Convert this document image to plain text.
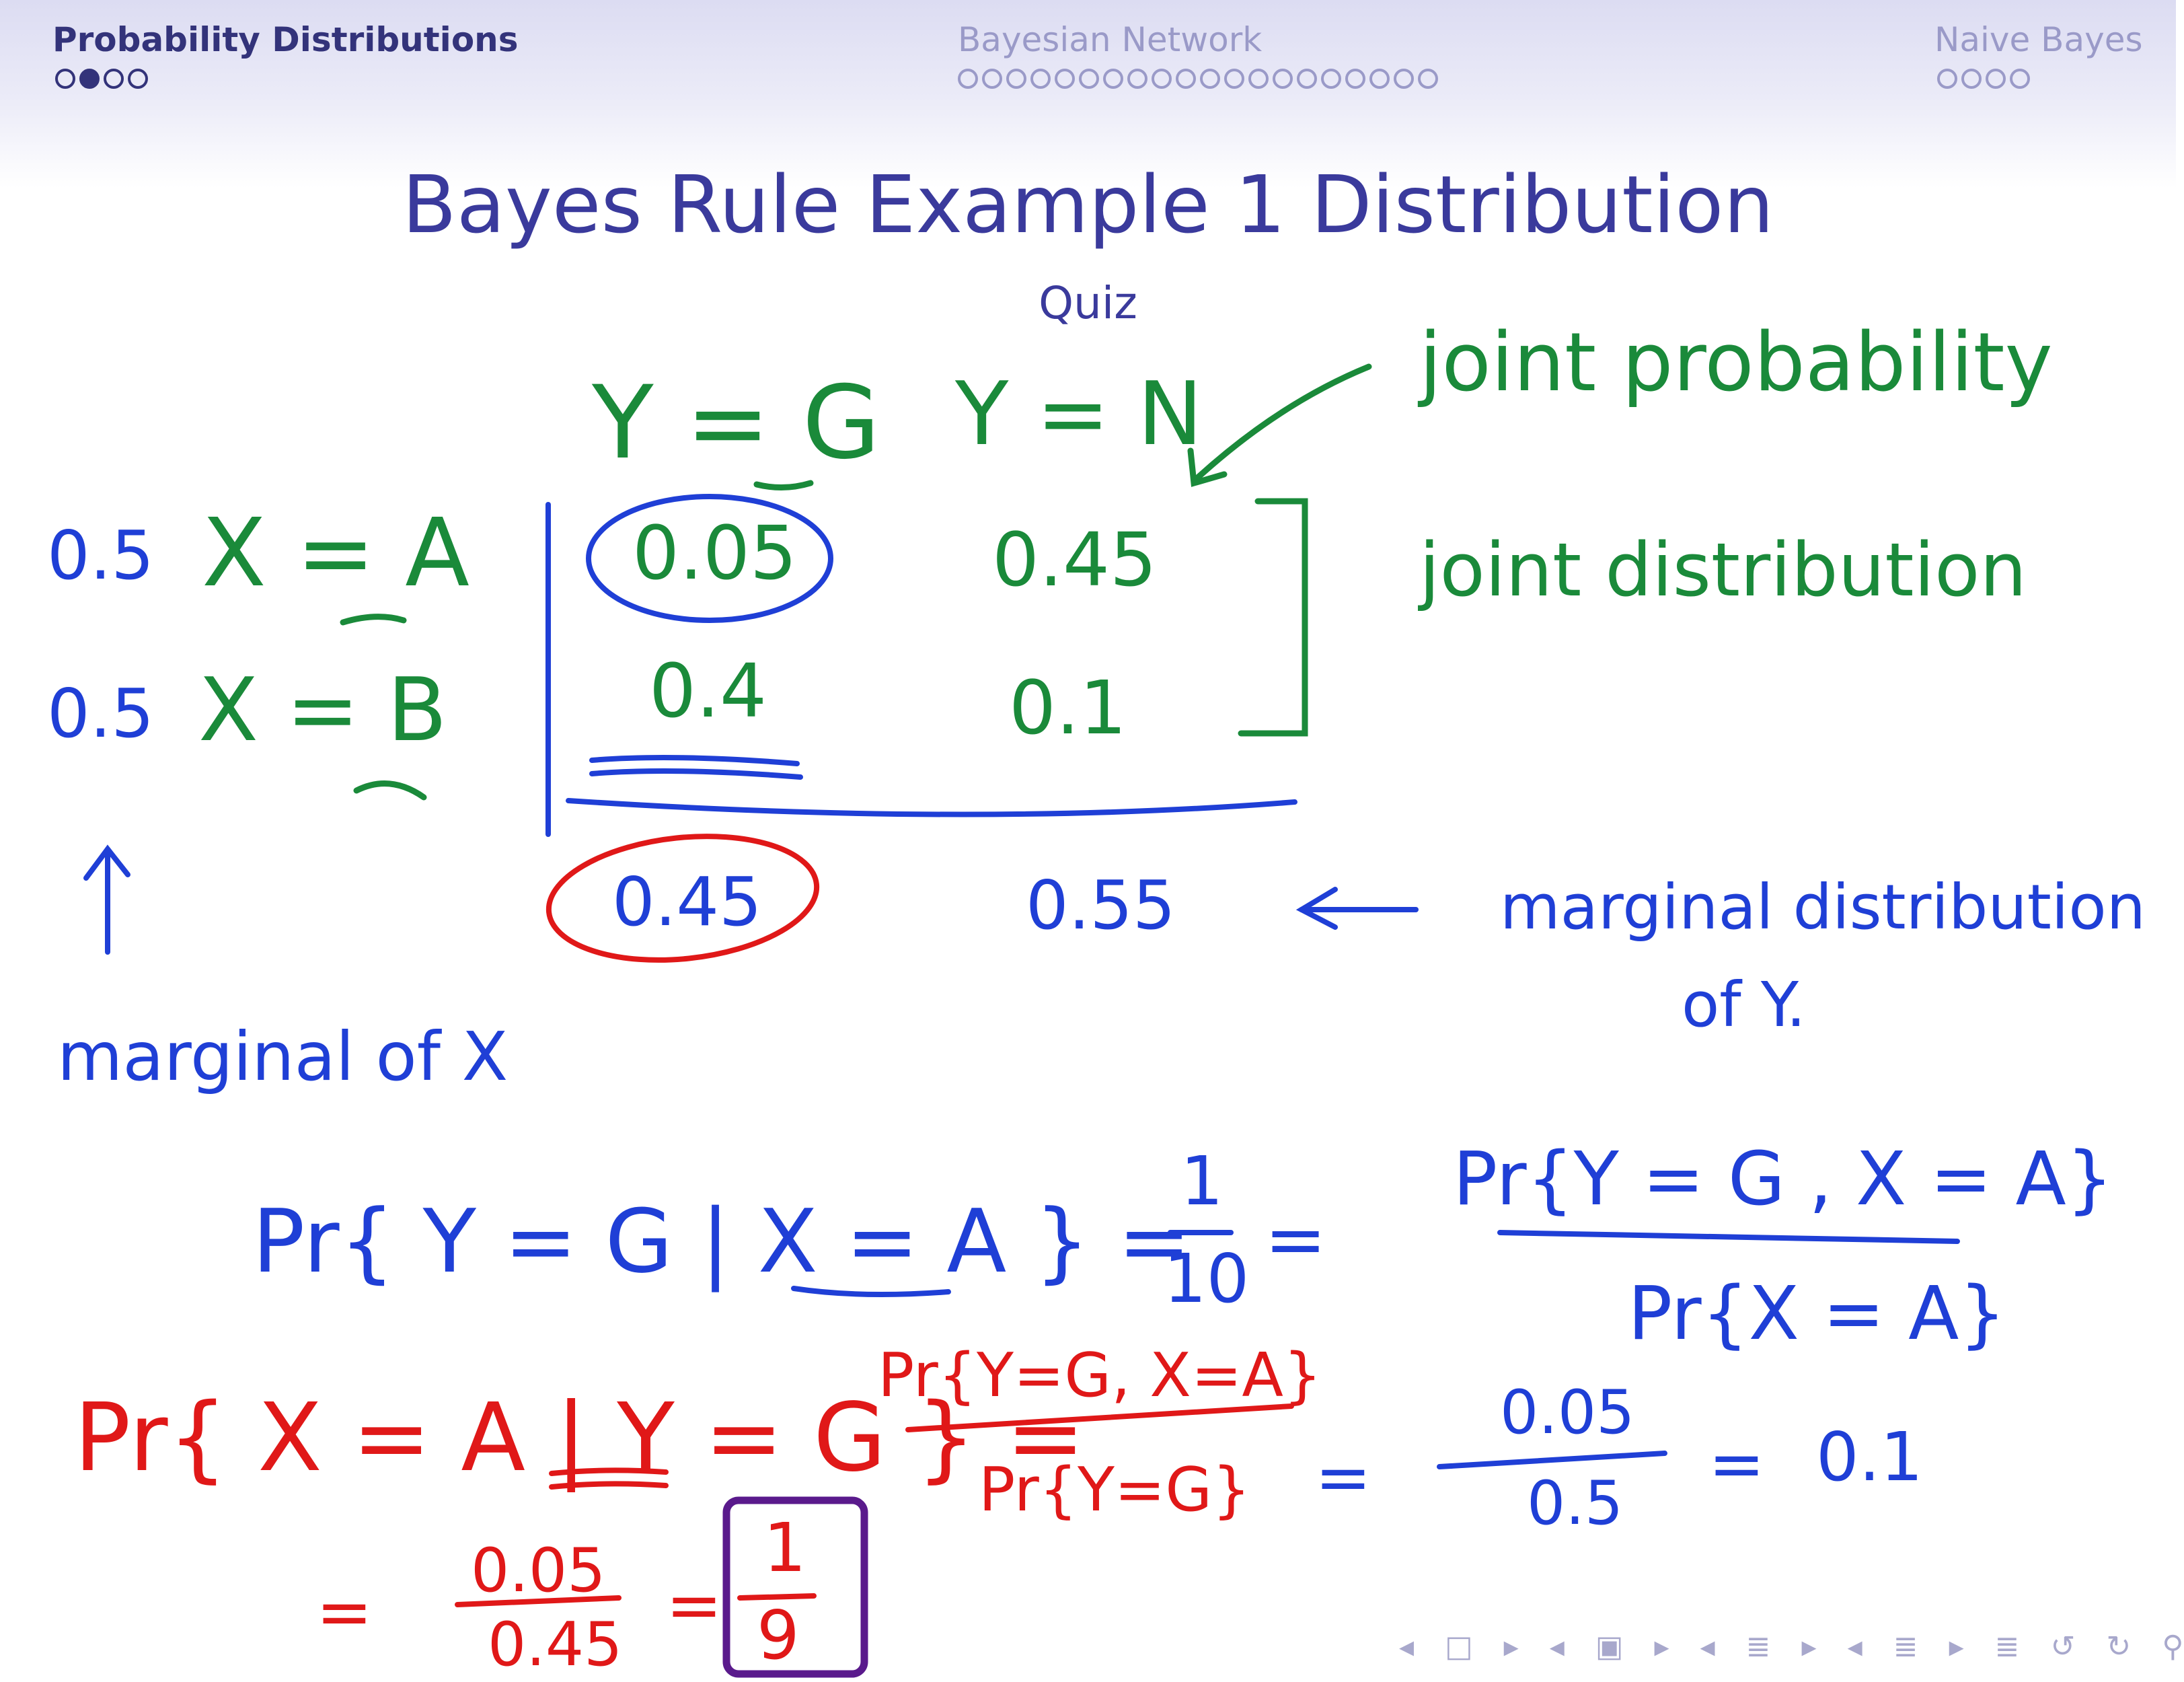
Probability Distributions	Bayesian Network	Naive Bayes
Bayes Rule Example 1 Distribution
Quiz
Y = G Y = N
X = A
X = B
0.05	0.45
0.4	0.1
joint probability
joint distribution
0.5
0.5
0.45	0.55	marginal distribution
of Y.
marginal of X
Pr{ Y = G | X = A } =
1
10 =
Pr{Y = G , X = A}
Pr{X = A}
=
0.05
0.5
= 0.1
Pr{ X = A | Y = G } =
Pr{Y=G, X=A}
Pr{Y=G}
=
0.05
0.45
=
1
9	◂ □ ▸ ◂ ▣ ▸ ◂ ≣ ▸ ◂ ≣ ▸ ≣ ↺ ↻ ⚲
